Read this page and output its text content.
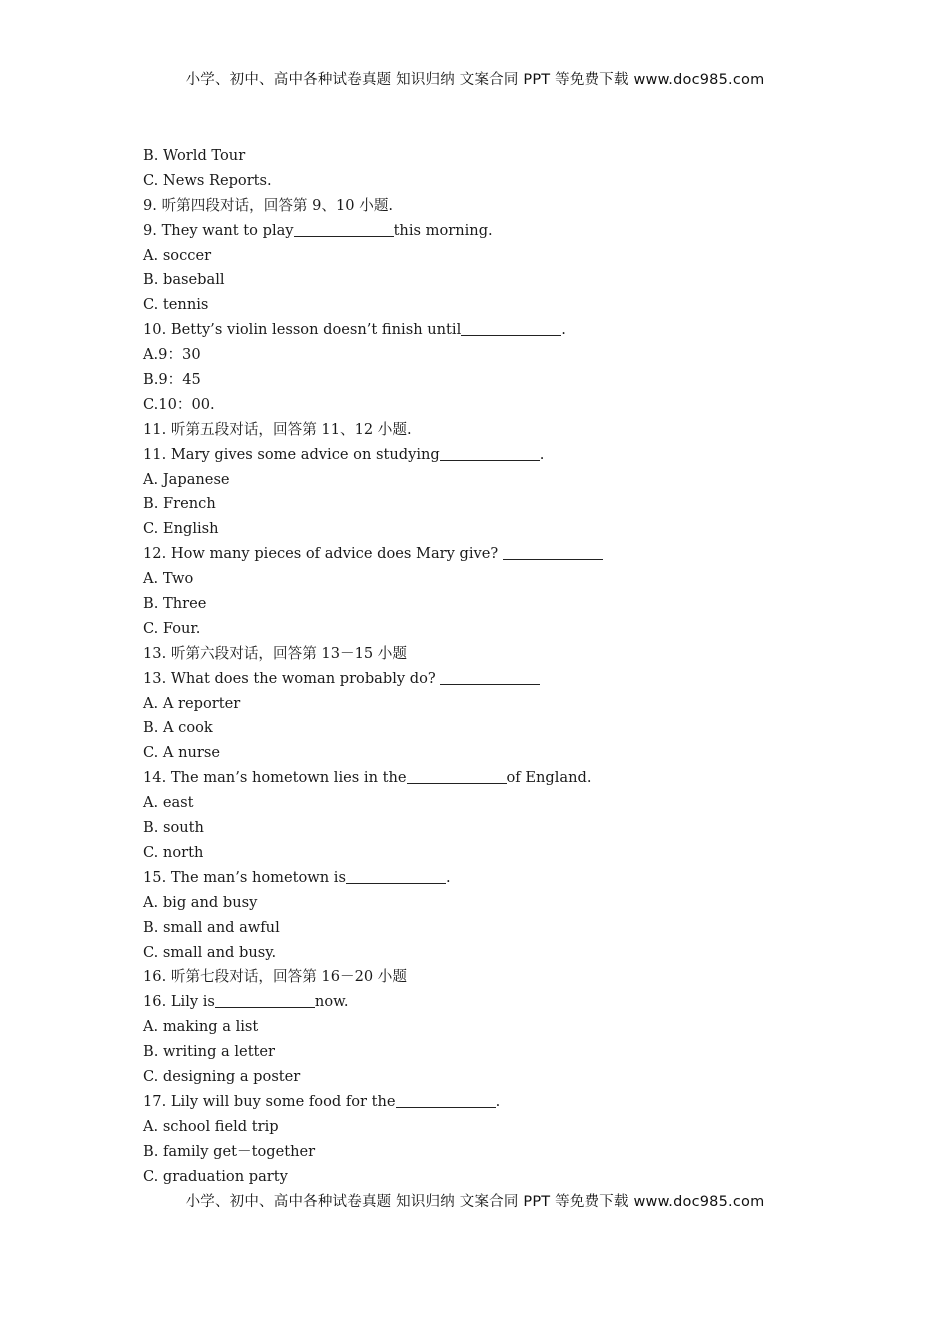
小学、初中、高中各种试卷真题 知识归纳 文案合同 PPT 等免费下载 www.doc985.com
B. World Tour
C. News Reports.
9. 听第四段对话，回答第 9、10 小题.
9. They want to play	this morning.
A. soccer
B. baseball
C. tennis
10. Betty’s violin lesson doesn’t finish until	.
A.9：30
B.9：45
C.10：00.
11. 听第五段对话，回答第 11、12 小题.
11. Mary gives some advice on studying	.
A. Japanese
B. French
C. English
12. How many pieces of advice does Mary give?
A. Two
B. Three
C. Four.
13. 听第六段对话，回答第 13－15 小题
13. What does the woman probably do?
A. A reporter
B. A cook
C. A nurse
14. The man’s hometown lies in the	of England.
A. east
B. south
C. north
15. The man’s hometown is	.
A. big and busy
B. small and awful
C. small and busy.
16. 听第七段对话，回答第 16－20 小题
16. Lily is	now.
A. making a list
B. writing a letter
C. designing a poster
17. Lily will buy some food for the	.
A. school field trip
B. family get－together
C. graduation party
小学、初中、高中各种试卷真题 知识归纳 文案合同 PPT 等免费下载 www.doc985.com
